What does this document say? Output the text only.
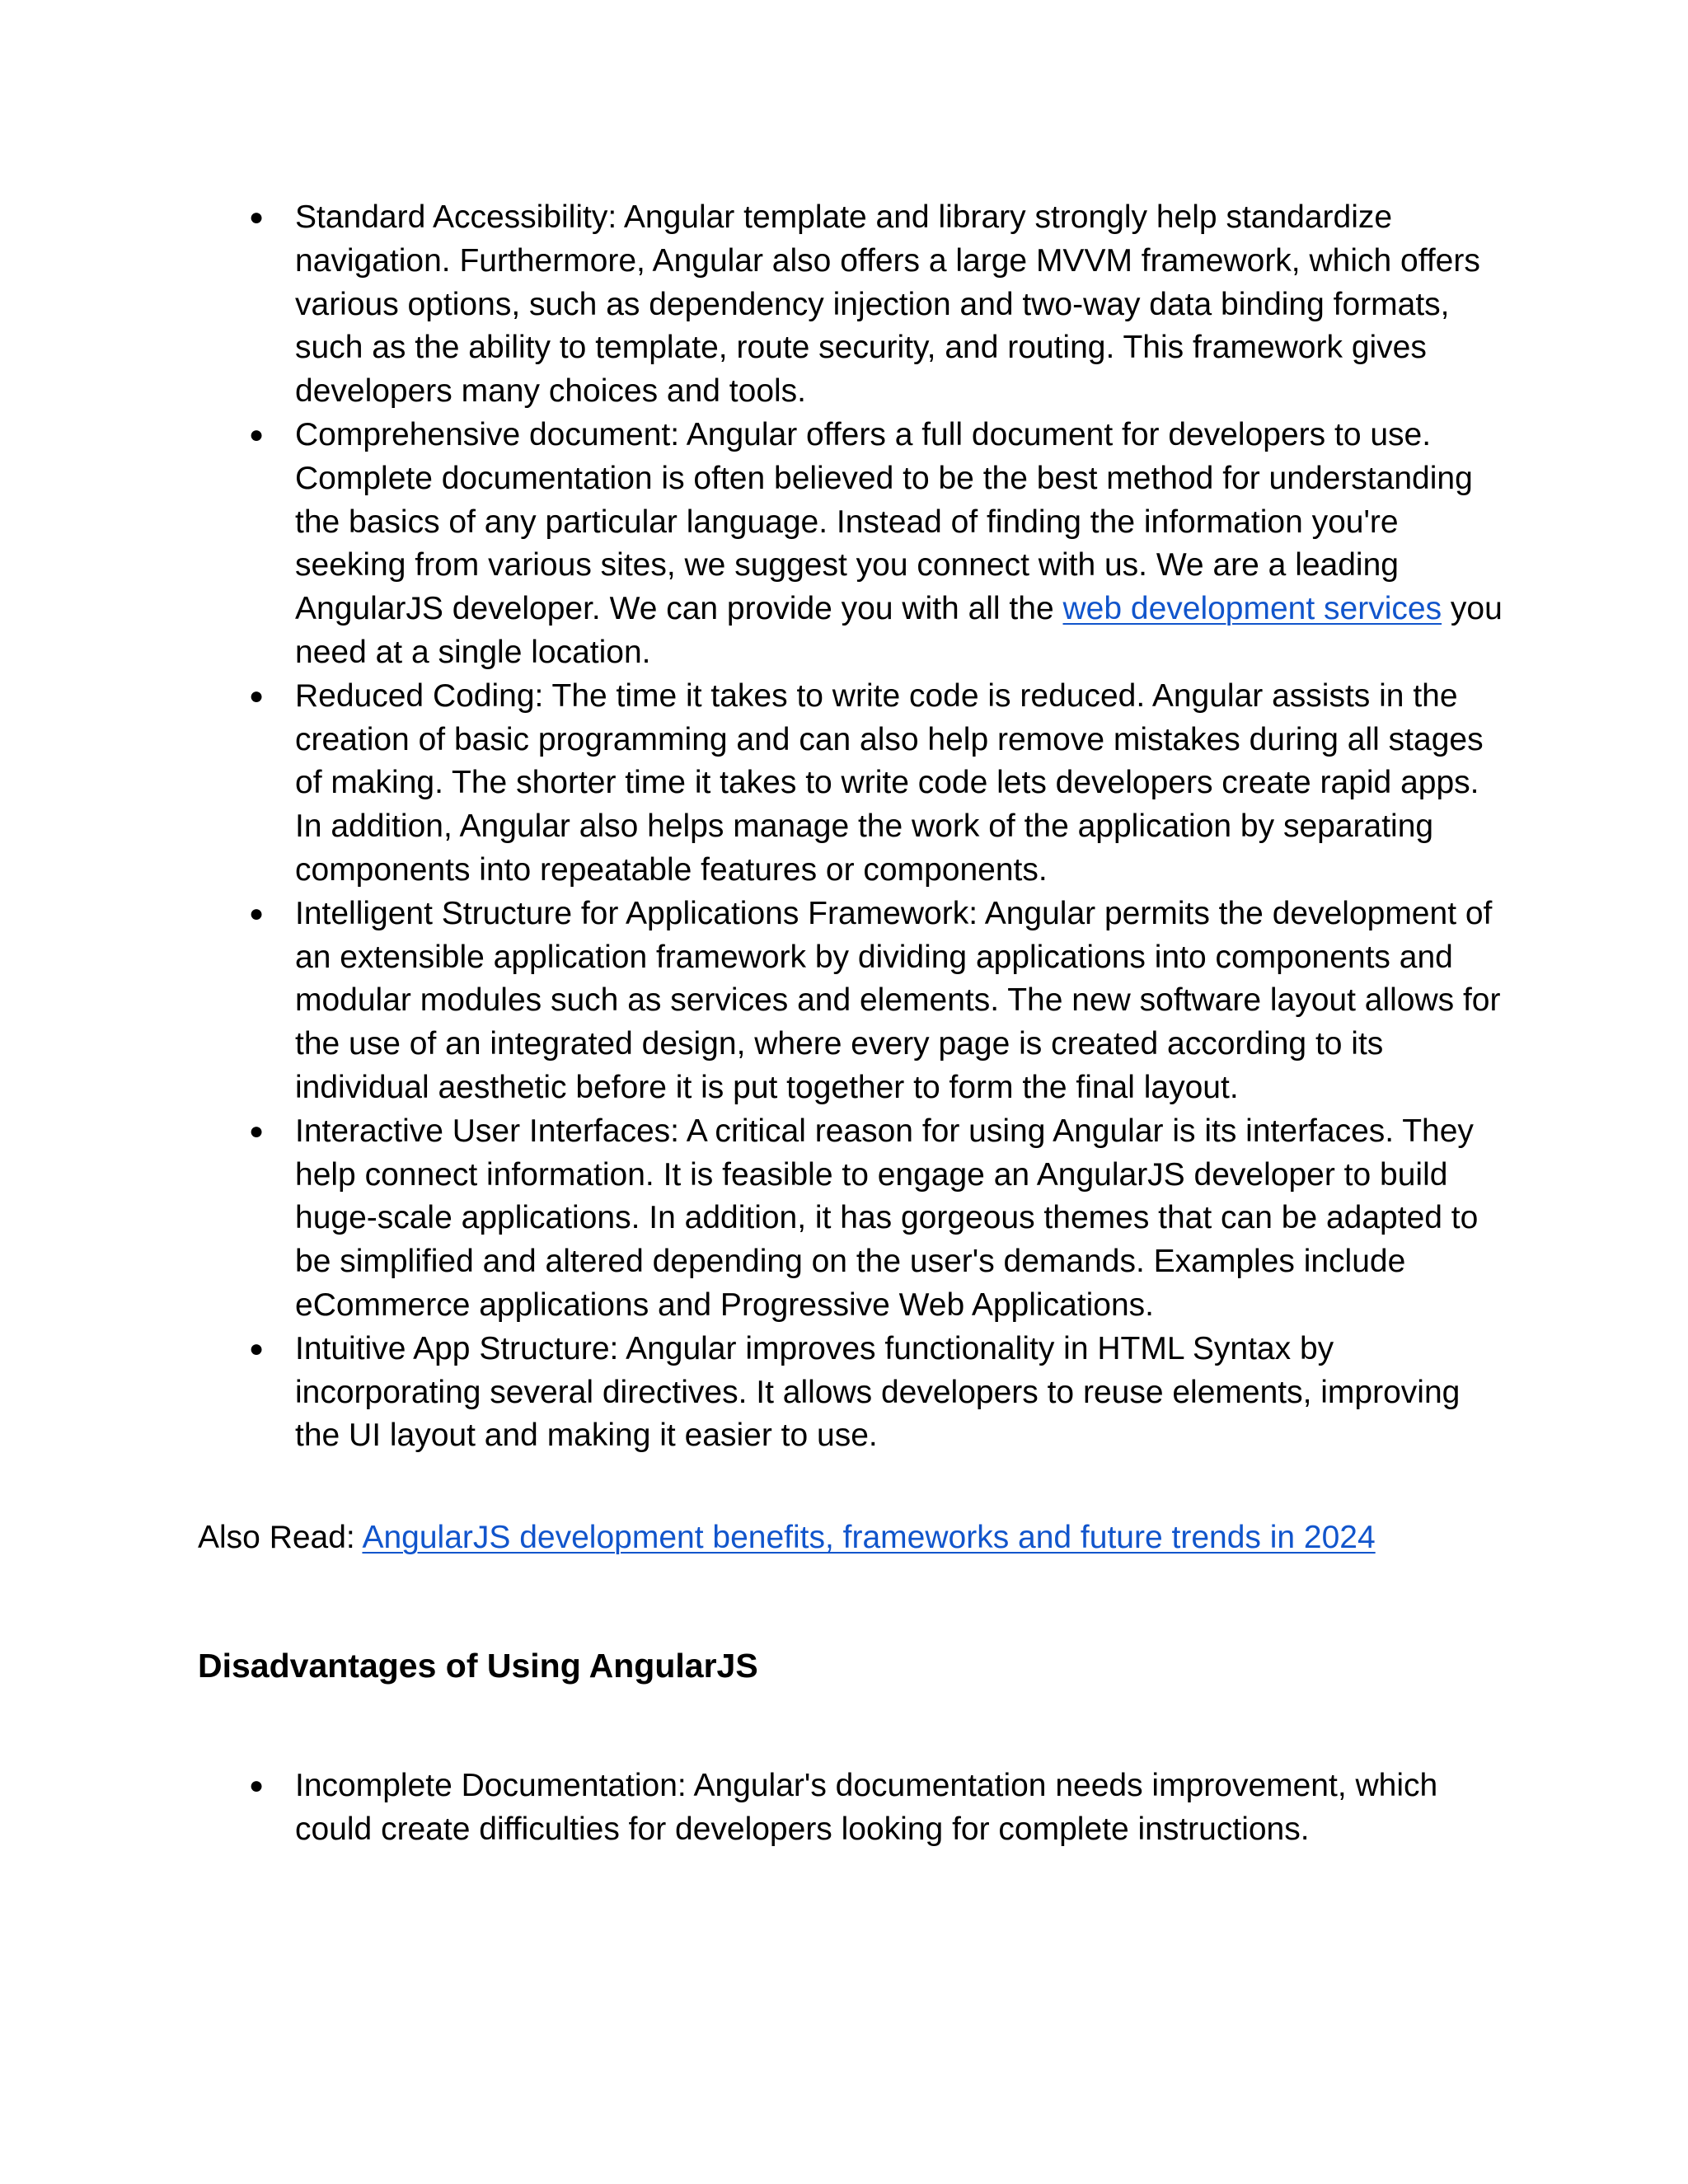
● Standard Accessibility: Angular template and library strongly help standardize navigation. Furthermore, Angular also offers a large MVVM framework, which offers various options, such as dependency injection and two-way data binding formats, such as the ability to template, route security, and routing. This framework gives developers many choices and tools.
● Comprehensive document: Angular offers a full document for developers to use. Complete documentation is often believed to be the best method for understanding the basics of any particular language. Instead of finding the information you're seeking from various sites, we suggest you connect with us. We are a leading AngularJS developer. We can provide you with all the web development services you need at a single location.
● Reduced Coding: The time it takes to write code is reduced. Angular assists in the creation of basic programming and can also help remove mistakes during all stages of making. The shorter time it takes to write code lets developers create rapid apps. In addition, Angular also helps manage the work of the application by separating components into repeatable features or components.
● Intelligent Structure for Applications Framework: Angular permits the development of an extensible application framework by dividing applications into components and modular modules such as services and elements. The new software layout allows for the use of an integrated design, where every page is created according to its individual aesthetic before it is put together to form the final layout.
● Interactive User Interfaces: A critical reason for using Angular is its interfaces. They help connect information. It is feasible to engage an AngularJS developer to build huge-scale applications. In addition, it has gorgeous themes that can be adapted to be simplified and altered depending on the user's demands. Examples include eCommerce applications and Progressive Web Applications.
● Intuitive App Structure: Angular improves functionality in HTML Syntax by incorporating several directives. It allows developers to reuse elements, improving the UI layout and making it easier to use.

Also Read: AngularJS development benefits, frameworks and future trends in 2024

Disadvantages of Using AngularJS
● Incomplete Documentation: Angular's documentation needs improvement, which could create difficulties for developers looking for complete instructions.
